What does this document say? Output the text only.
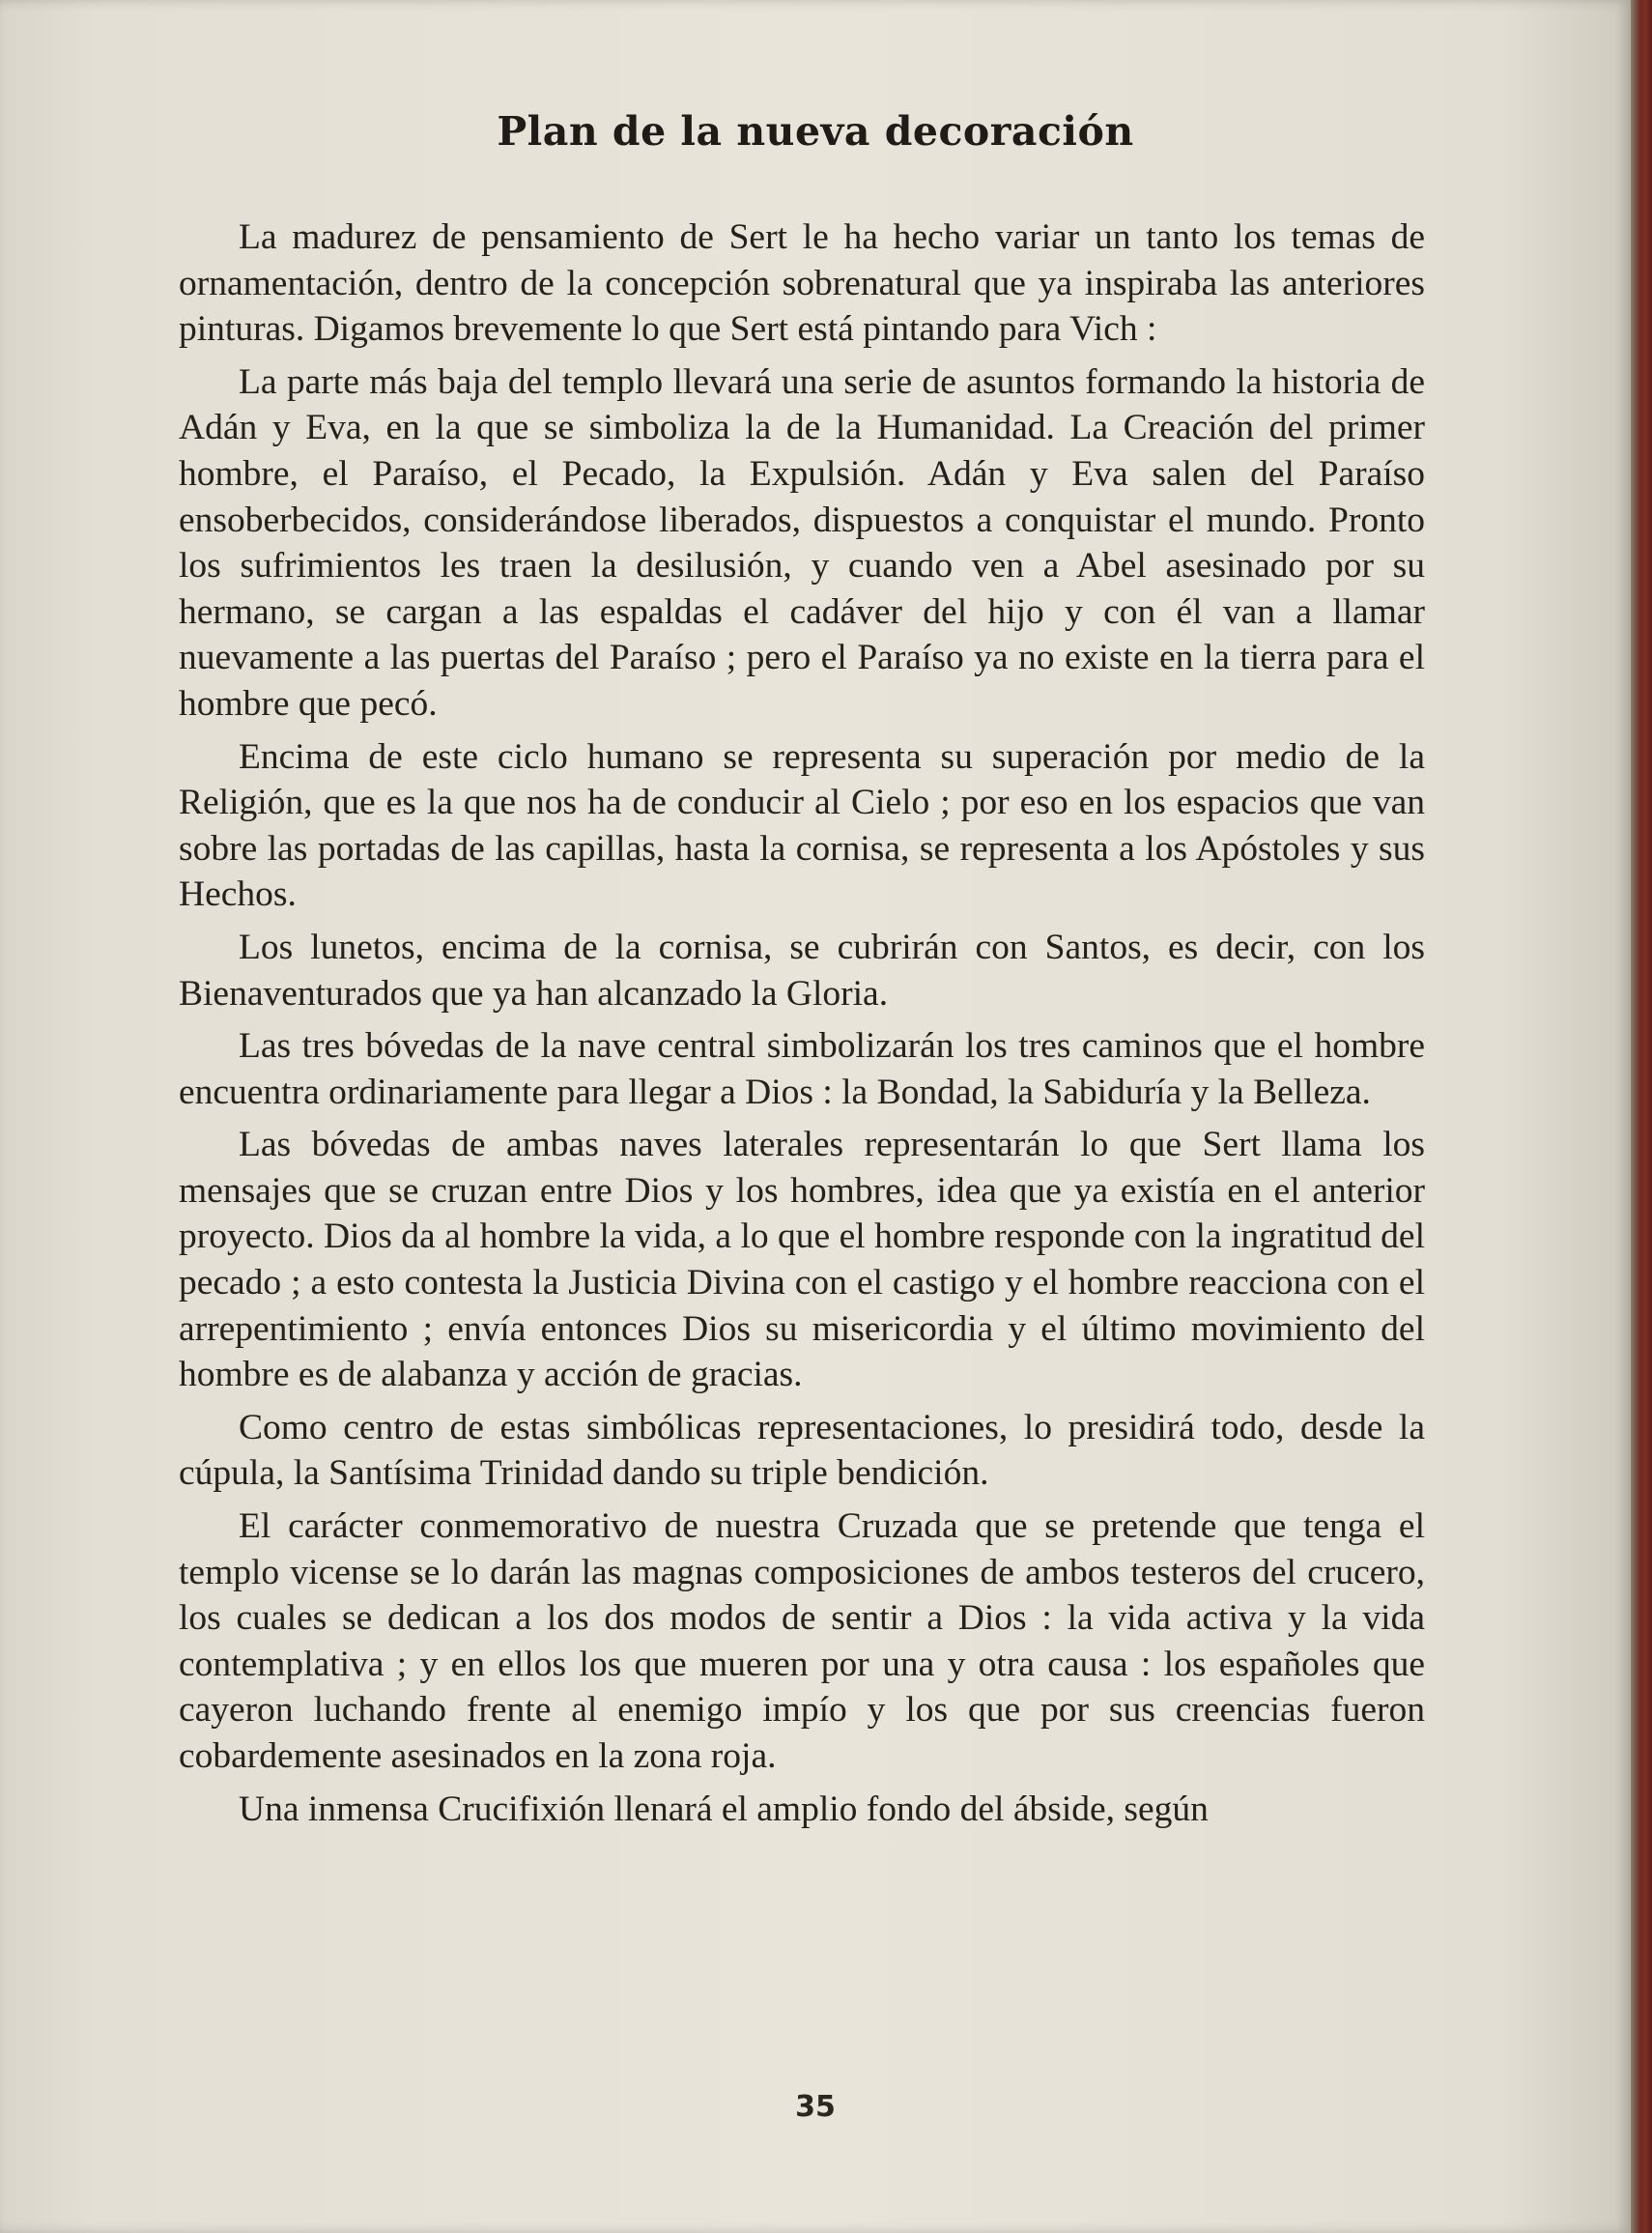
Plan de la nueva decoración

La madurez de pensamiento de Sert le ha hecho variar un tanto los temas de ornamentación, dentro de la concepción sobrenatural que ya inspiraba las anteriores pinturas. Digamos brevemente lo que Sert está pintando para Vich :

La parte más baja del templo llevará una serie de asuntos formando la historia de Adán y Eva, en la que se simboliza la de la Humanidad. La Creación del primer hombre, el Paraíso, el Pecado, la Expulsión. Adán y Eva salen del Paraíso ensoberbecidos, considerándose liberados, dispuestos a conquistar el mundo. Pronto los sufrimientos les traen la desilusión, y cuando ven a Abel asesinado por su hermano, se cargan a las espaldas el cadáver del hijo y con él van a llamar nuevamente a las puertas del Paraíso ; pero el Paraíso ya no existe en la tierra para el hombre que pecó.

Encima de este ciclo humano se representa su superación por medio de la Religión, que es la que nos ha de conducir al Cielo ; por eso en los espacios que van sobre las portadas de las capillas, hasta la cornisa, se representa a los Apóstoles y sus Hechos.

Los lunetos, encima de la cornisa, se cubrirán con Santos, es decir, con los Bienaventurados que ya han alcanzado la Gloria.

Las tres bóvedas de la nave central simbolizarán los tres caminos que el hombre encuentra ordinariamente para llegar a Dios : la Bondad, la Sabiduría y la Belleza.

Las bóvedas de ambas naves laterales representarán lo que Sert llama los mensajes que se cruzan entre Dios y los hombres, idea que ya existía en el anterior proyecto. Dios da al hombre la vida, a lo que el hombre responde con la ingratitud del pecado ; a esto contesta la Justicia Divina con el castigo y el hombre reacciona con el arrepentimiento ; envía entonces Dios su misericordia y el último movimiento del hombre es de alabanza y acción de gracias.

Como centro de estas simbólicas representaciones, lo presidirá todo, desde la cúpula, la Santísima Trinidad dando su triple bendición.

El carácter conmemorativo de nuestra Cruzada que se pretende que tenga el templo vicense se lo darán las magnas composiciones de ambos testeros del crucero, los cuales se dedican a los dos modos de sentir a Dios : la vida activa y la vida contemplativa ; y en ellos los que mueren por una y otra causa : los españoles que cayeron luchando frente al enemigo impío y los que por sus creencias fueron cobardemente asesinados en la zona roja.

Una inmensa Crucifixión llenará el amplio fondo del ábside, según

35
